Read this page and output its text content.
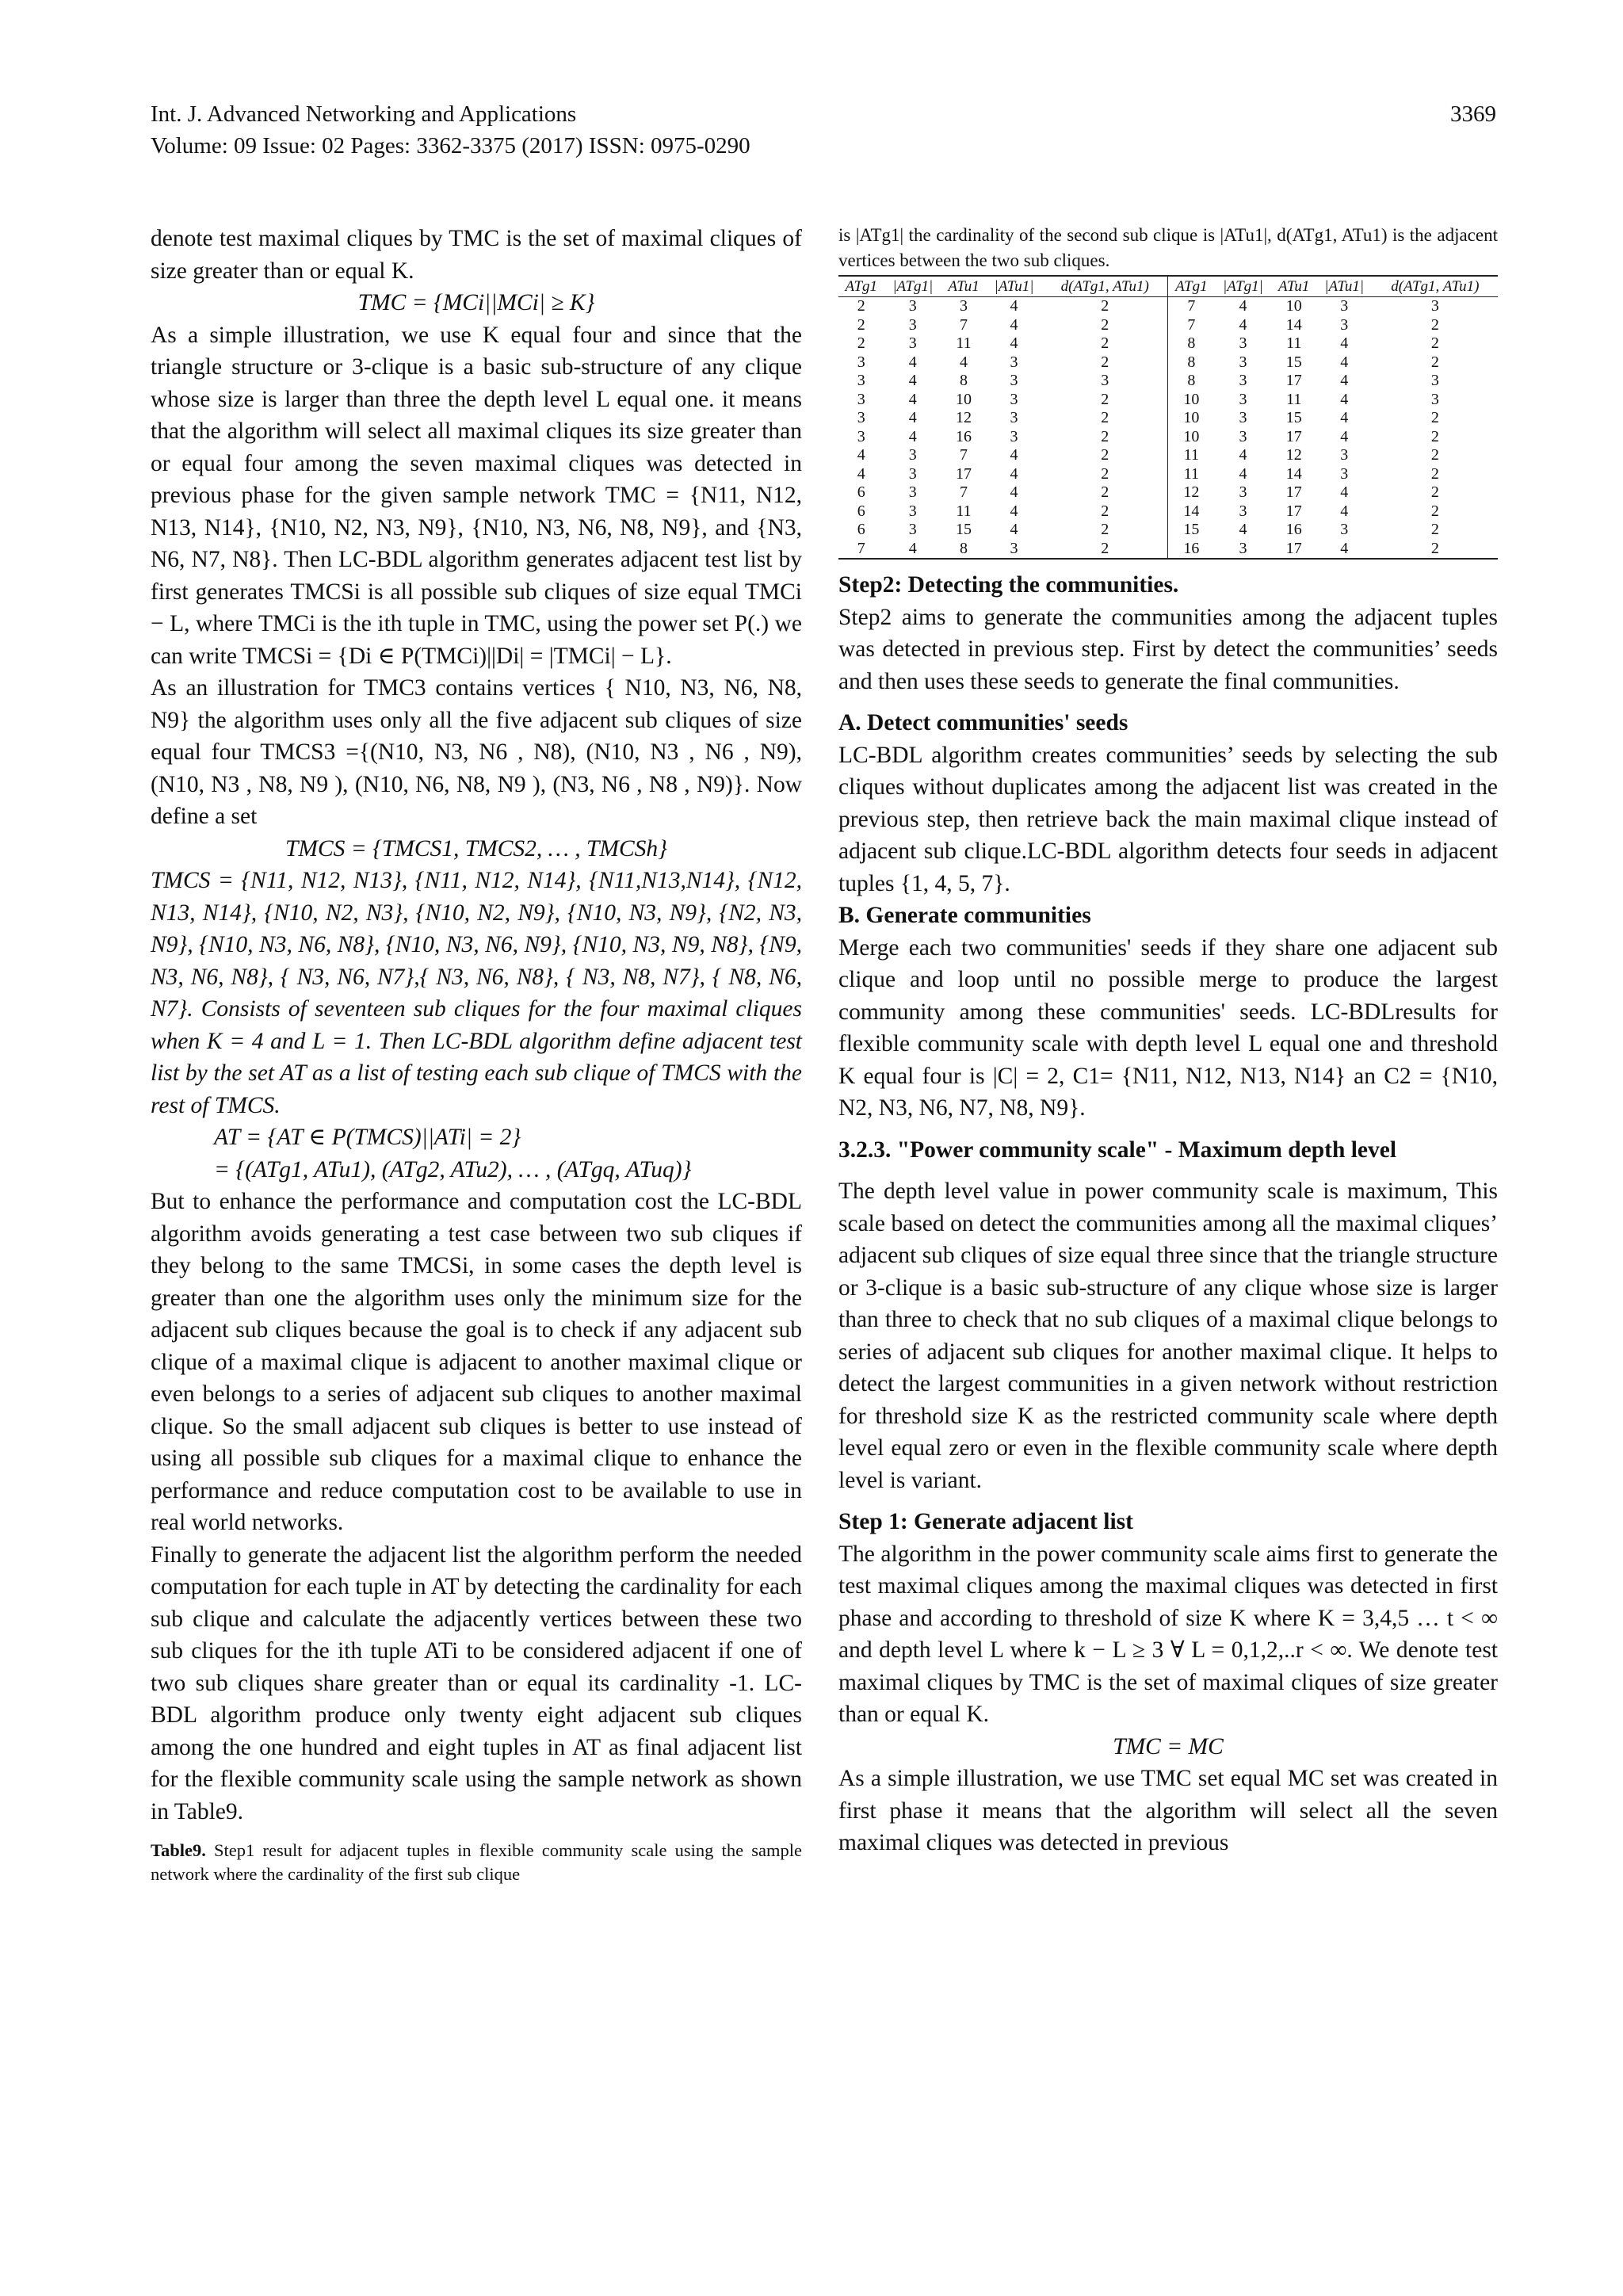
Int. J. Advanced Networking and Applications
Volume: 09 Issue: 02 Pages: 3362-3375 (2017) ISSN: 0975-0290
3369

denote test maximal cliques by TMC is the set of maximal cliques of size greater than or equal K.

TMC = {MCi||MCi| ≥ K}

As a simple illustration, we use K equal four and since that the triangle structure or 3-clique is a basic sub-structure of any clique whose size is larger than three the depth level L equal one. it means that the algorithm will select all maximal cliques its size greater than or equal four among the seven maximal cliques was detected in previous phase for the given sample network TMC = {N11, N12, N13, N14}, {N10, N2, N3, N9}, {N10, N3, N6, N8, N9}, and {N3, N6, N7, N8}. Then LC-BDL algorithm generates adjacent test list by first generates TMCSi is all possible sub cliques of size equal TMCi − L, where TMCi is the ith tuple in TMC, using the power set P(.) we can write TMCSi = {Di ∈ P(TMCi)||Di| = |TMCi| − L}.

As an illustration for TMC3 contains vertices { N10, N3, N6, N8, N9} the algorithm uses only all the five adjacent sub cliques of size equal four TMCS3 ={(N10, N3, N6 , N8), (N10, N3 , N6 , N9), (N10, N3 , N8, N9 ), (N10, N6, N8, N9 ), (N3, N6 , N8 , N9)}. Now define a set

TMCS = {TMCS1, TMCS2, … , TMCSh}

TMCS = {N11, N12, N13}, {N11, N12, N14}, {N11,N13,N14}, {N12, N13, N14}, {N10, N2, N3}, {N10, N2, N9}, {N10, N3, N9}, {N2, N3, N9}, {N10, N3, N6, N8}, {N10, N3, N6, N9}, {N10, N3, N9, N8}, {N9, N3, N6, N8}, { N3, N6, N7},{ N3, N6, N8}, { N3, N8, N7}, { N8, N6, N7}. Consists of seventeen sub cliques for the four maximal cliques when K = 4 and L = 1. Then LC-BDL algorithm define adjacent test list by the set AT as a list of testing each sub clique of TMCS with the rest of TMCS.

AT = {AT ∈ P(TMCS)||ATi| = 2}

= {(ATg1, ATu1), (ATg2, ATu2), … , (ATgq, ATuq)}

But to enhance the performance and computation cost the LC-BDL algorithm avoids generating a test case between two sub cliques if they belong to the same TMCSi, in some cases the depth level is greater than one the algorithm uses only the minimum size for the adjacent sub cliques because the goal is to check if any adjacent sub clique of a maximal clique is adjacent to another maximal clique or even belongs to a series of adjacent sub cliques to another maximal clique. So the small adjacent sub cliques is better to use instead of using all possible sub cliques for a maximal clique to enhance the performance and reduce computation cost to be available to use in real world networks.

Finally to generate the adjacent list the algorithm perform the needed computation for each tuple in AT by detecting the cardinality for each sub clique and calculate the adjacently vertices between these two sub cliques for the ith tuple ATi to be considered adjacent if one of two sub cliques share greater than or equal its cardinality -1. LC-BDL algorithm produce only twenty eight adjacent sub cliques among the one hundred and eight tuples in AT as final adjacent list for the flexible community scale using the sample network as shown in Table9.

Table9. Step1 result for adjacent tuples in flexible community scale using the sample network where the cardinality of the first sub clique

is |ATg1| the cardinality of the second sub clique is |ATu1|, d(ATg1, ATu1) is the adjacent vertices between the two sub cliques.

ATg1	|ATg1|	ATu1	|ATu1|	d(ATg1, ATu1)	ATg1	|ATg1|	ATu1	|ATu1|	d(ATg1, ATu1)
2	3	3	4	2	7	4	10	3	3
2	3	7	4	2	7	4	14	3	2
2	3	11	4	2	8	3	11	4	2
3	4	4	3	2	8	3	15	4	2
3	4	8	3	3	8	3	17	4	3
3	4	10	3	2	10	3	11	4	3
3	4	12	3	2	10	3	15	4	2
3	4	16	3	2	10	3	17	4	2
4	3	7	4	2	11	4	12	3	2
4	3	17	4	2	11	4	14	3	2
6	3	7	4	2	12	3	17	4	2
6	3	11	4	2	14	3	17	4	2
6	3	15	4	2	15	4	16	3	2
7	4	8	3	2	16	3	17	4	2

Step2: Detecting the communities.

Step2 aims to generate the communities among the adjacent tuples was detected in previous step. First by detect the communities’ seeds and then uses these seeds to generate the final communities.

A. Detect communities' seeds

LC-BDL algorithm creates communities’ seeds by selecting the sub cliques without duplicates among the adjacent list was created in the previous step, then retrieve back the main maximal clique instead of adjacent sub clique.LC-BDL algorithm detects four seeds in adjacent tuples {1, 4, 5, 7}.

B. Generate communities

Merge each two communities' seeds if they share one adjacent sub clique and loop until no possible merge to produce the largest community among these communities' seeds. LC-BDLresults for flexible community scale with depth level L equal one and threshold K equal four is |C| = 2, C1= {N11, N12, N13, N14} an C2 = {N10, N2, N3, N6, N7, N8, N9}.

3.2.3. "Power community scale" - Maximum depth level

The depth level value in power community scale is maximum, This scale based on detect the communities among all the maximal cliques’ adjacent sub cliques of size equal three since that the triangle structure or 3-clique is a basic sub-structure of any clique whose size is larger than three to check that no sub cliques of a maximal clique belongs to series of adjacent sub cliques for another maximal clique. It helps to detect the largest communities in a given network without restriction for threshold size K as the restricted community scale where depth level equal zero or even in the flexible community scale where depth level is variant.

Step 1: Generate adjacent list

The algorithm in the power community scale aims first to generate the test maximal cliques among the maximal cliques was detected in first phase and according to threshold of size K where K = 3,4,5 … t < ∞ and depth level L where k − L ≥ 3 ∀ L = 0,1,2,..r < ∞. We denote test maximal cliques by TMC is the set of maximal cliques of size greater than or equal K.

TMC = MC

As a simple illustration, we use TMC set equal MC set was created in first phase it means that the algorithm will select all the seven maximal cliques was detected in previous
